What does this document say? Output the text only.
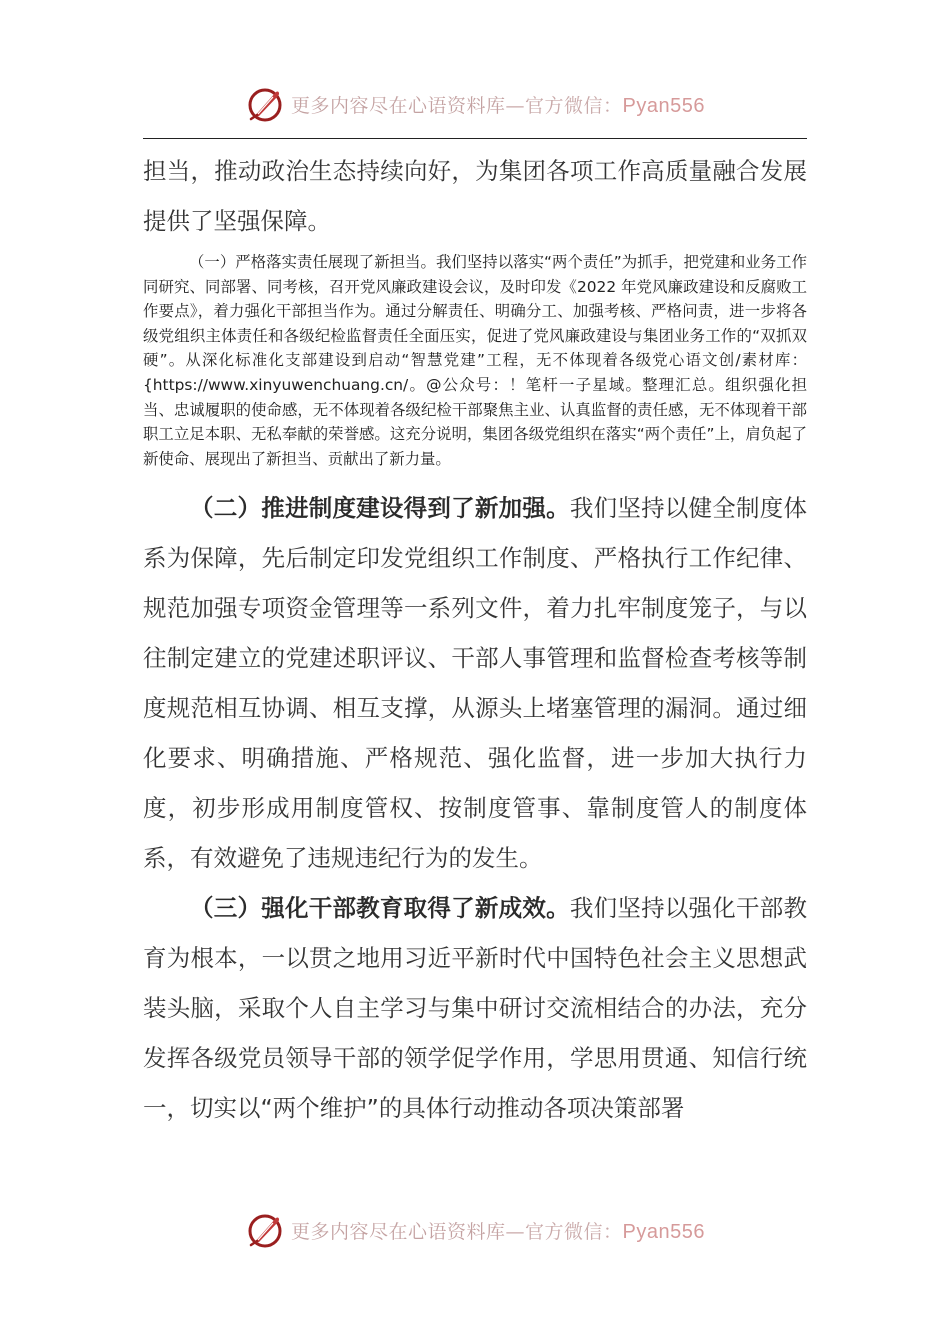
更多内容尽在心语资料库—官方微信：Pyan556

担当，推动政治生态持续向好，为集团各项工作高质量融合发展提供了坚强保障。

（一）严格落实责任展现了新担当。我们坚持以落实“两个责任”为抓手，把党建和业务工作同研究、同部署、同考核，召开党风廉政建设会议，及时印发《2022 年党风廉政建设和反腐败工作要点》，着力强化干部担当作为。通过分解责任、明确分工、加强考核、严格问责，进一步将各级党组织主体责任和各级纪检监督责任全面压实，促进了党风廉政建设与集团业务工作的“双抓双硬”。从深化标准化支部建设到启动“智慧党建”工程，无不体现着各级党心语文创/素材库：{https://www.xinyuwenchuang.cn/。@公众号：！笔杆一子星域。整理汇总。组织强化担当、忠诚履职的使命感，无不体现着各级纪检干部聚焦主业、认真监督的责任感，无不体现着干部职工立足本职、无私奉献的荣誉感。这充分说明，集团各级党组织在落实“两个责任”上，肩负起了新使命、展现出了新担当、贡献出了新力量。

（二）推进制度建设得到了新加强。我们坚持以健全制度体系为保障，先后制定印发党组织工作制度、严格执行工作纪律、规范加强专项资金管理等一系列文件，着力扎牢制度笼子，与以往制定建立的党建述职评议、干部人事管理和监督检查考核等制度规范相互协调、相互支撑，从源头上堵塞管理的漏洞。通过细化要求、明确措施、严格规范、强化监督，进一步加大执行力度，初步形成用制度管权、按制度管事、靠制度管人的制度体系，有效避免了违规违纪行为的发生。

（三）强化干部教育取得了新成效。我们坚持以强化干部教育为根本，一以贯之地用习近平新时代中国特色社会主义思想武装头脑，采取个人自主学习与集中研讨交流相结合的办法，充分发挥各级党员领导干部的领学促学作用，学思用贯通、知信行统一，切实以“两个维护”的具体行动推动各项决策部署

更多内容尽在心语资料库—官方微信：Pyan556
